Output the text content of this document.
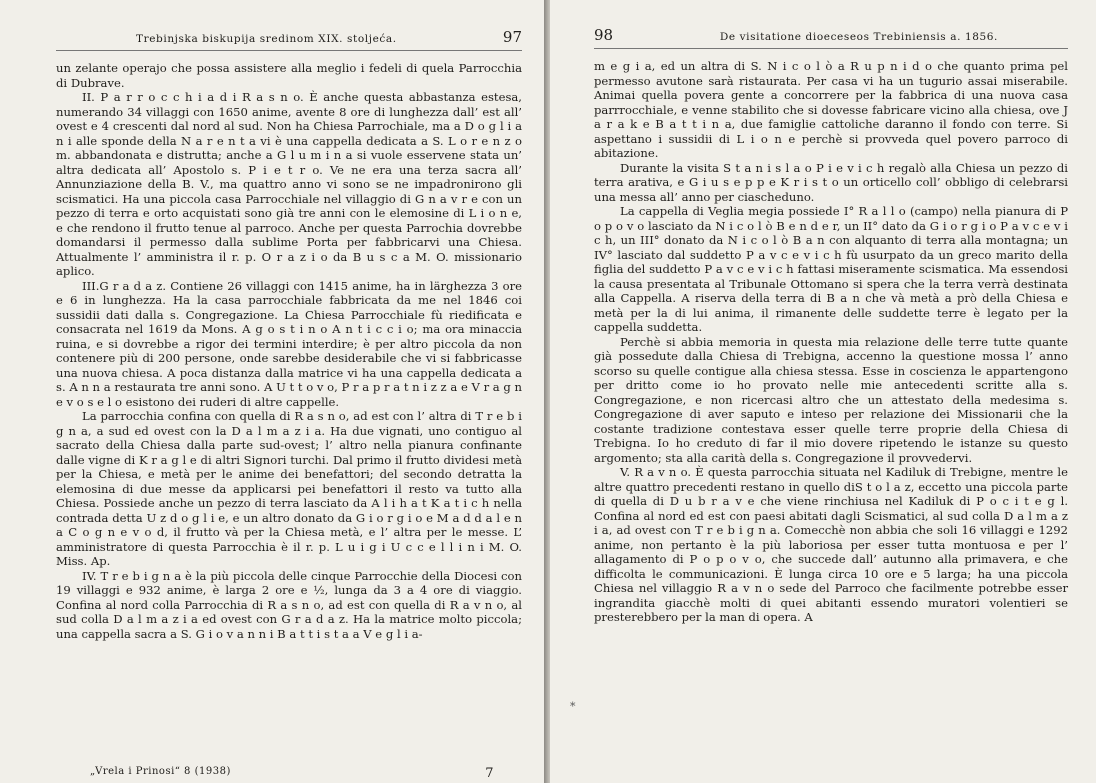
Trebinjska biskupija sredinom XIX. stoljeća.	97

un zelante operajo che possa assistere alla meglio i fedeli di quela Parrocchia di Dubrave.

II. P a r r o c c h i a d i R a s n o. È anche questa abbastanza estesa, numerando 34 villaggi con 1650 anime, avente 8 ore di lunghezza dall’ est all’ ovest e 4 crescenti dal nord al sud. Non ha Chiesa Parrochiale, ma a D o g l i a n i alle sponde della N a r e n t a vi è una cappella dedicata a S. L o r e n z o m. abbandonata e distrutta; anche a G l u m i n a si vuole esservene stata un’ altra dedicata all’ Apostolo s. P i e t r o. Ve ne era una terza sacra all’ Annunziazione della B. V., ma quattro anno vi sono se ne impadronirono gli scismatici. Ha una piccola casa Parrocchiale nel villaggio di G n a v r e con un pezzo di terra e orto acquistati sono già tre anni con le elemosine di L i o n e, e che rendono il frutto tenue al parroco. Anche per questa Parrochia dovrebbe domandarsi il permesso dalla sublime Porta per fabbricarvi una Chiesa. Attualmente l’ amministra il r. p. O r a z i o da B u s c a M. O. missionario aplico.

III.G r a d a z. Contiene 26 villaggi con 1415 anime, ha in lärghezza 3 ore e 6 in lunghezza. Ha la casa parrocchiale fabbricata da me nel 1846 coi sussidii dati dalla s. Congregazione. La Chiesa Parrocchiale fù riedificata e consacrata nel 1619 da Mons. A g o s t i n o A n t i c c i o; ma ora minaccia ruina, e si dovrebbe a rigor dei termini interdire; è per altro piccola da non contenere più di 200 persone, onde sarebbe desiderabile che vi si fabbricasse una nuova chiesa. A poca distanza dalla matrice vi ha una cappella dedicata a s. A n n a restaurata tre anni sono. A U t t o v o, P r a p r a t n i z z a e V r a g n e v o s e l o esistono dei ruderi di altre cappelle.

La parrocchia confina con quella di R a s n o, ad est con l’ altra di T r e b i g n a, a sud ed ovest con la D a l m a z i a. Ha due vignati, uno contiguo al sacrato della Chiesa dalla parte sud-ovest; l’ altro nella pianura confinante dalle vigne di K r a g l e di altri Signori turchi. Dal primo il frutto dividesi metà per la Chiesa, e metà per le anime dei benefattori; del secondo detratta la elemosina di due messe da applicarsi pei benefattori il resto va tutto alla Chiesa. Possiede anche un pezzo di terra lasciato da A l i h a t K a t i c h nella contrada detta U z d o g l i e, e un altro donato da G i o r g i o e M a d d a l e n a C o g n e v o d, il frutto và per la Chiesa metà, e l’ altra per le messe. L’ amministratore di questa Parrocchia è il r. p. L u i g i U c c e l l i n i M. O. Miss. Ap.

IV. T r e b i g n a è la più piccola delle cinque Parrocchie della Diocesi con 19 villaggi e 932 anime, è larga 2 ore e ½, lunga da 3 a 4 ore di viaggio. Confina al nord colla Parrocchia di R a s n o, ad est con quella di R a v n o, al sud colla D a l m a z i a ed ovest con G r a d a z. Ha la matrice molto piccola; una cappella sacra a S. G i o v a n n i B a t t i s t a a V e g l i a-

„Vrela i Prinosi“ 8 (1938)	7
98	De visitatione dioeceseos Trebiniensis a. 1856.

m e g i a, ed un altra di S. N i c o l ò a R u p n i d o che quanto prima pel permesso avutone sarà ristaurata. Per casa vi ha un tugurio assai miserabile. Animai quella povera gente a concorrere per la fabbrica di una nuova casa parrrocchiale, e venne stabilito che si dovesse fabricare vicino alla chiesa, ove J a r a k e B a t t i n a, due famiglie cattoliche daranno il fondo con terre. Si aspettano i sussidii di L i o n e perchè si provveda quel povero parroco di abitazione.

Durante la visita S t a n i s l a o P i e v i c h regalò alla Chiesa un pezzo di terra arativa, e G i u s e p p e K r i s t o un orticello coll’ obbligo di celebrarsi una messa all’ anno per ciascheduno.

La cappella di Veglia megia possiede I° R a l l o (campo) nella pianura di P o p o v o lasciato da N i c o l ò B e n d e r, un II° dato da G i o r g i o P a v c e v i c h, un III° donato da N i c o l ò B a n con alquanto di terra alla montagna; un IV° lasciato dal suddetto P a v c e v i c h fù usurpato da un greco marito della figlia del suddetto P a v c e v i c h fattasi miseramente scismatica. Ma essendosi la causa presentata al Tribunale Ottomano si spera che la terra verrà destinata alla Cappella. A riserva della terra di B a n che và metà a prò della Chiesa e metà per la di lui anima, il rimanente delle suddette terre è legato per la cappella suddetta.

Perchè si abbia memoria in questa mia relazione delle terre tutte quante già possedute dalla Chiesa di Trebigna, accenno la questione mossa l’ anno scorso su quelle contigue alla chiesa stessa. Esse in coscienza le appartengono per dritto come io ho provato nelle mie antecedenti scritte alla s. Congregazione, e non ricercasi altro che un attestato della medesima s. Congregazione di aver saputo e inteso per relazione dei Missionarii che la costante tradizione contestava esser quelle terre proprie della Chiesa di Trebigna. Io ho creduto di far il mio dovere ripetendo le istanze su questo argomento; sta alla carità della s. Congregazione il provvedervi.

V. R a v n o. È questa parrocchia situata nel Kadiluk di Trebigne, mentre le altre quattro precedenti restano in quello diS t o l a z, eccetto una piccola parte di quella di D u b r a v e che viene rinchiusa nel Kadiluk di P o c i t e g l. Confina al nord ed est con paesi abitati dagli Scismatici, al sud colla D a l m a z i a, ad ovest con T r e b i g n a. Comecchè non abbia che soli 16 villaggi e 1292 anime, non pertanto è la più laboriosa per esser tutta montuosa e per l’ allagamento di P o p o v o, che succede dall’ autunno alla primavera, e che difficolta le communicazioni. È lunga circa 10 ore e 5 larga; ha una piccola Chiesa nel villaggio R a v n o sede del Parroco che facilmente potrebbe esser ingrandita giacchè molti di quei abitanti essendo muratori volentieri se presterebbero per la man di opera. A

*
